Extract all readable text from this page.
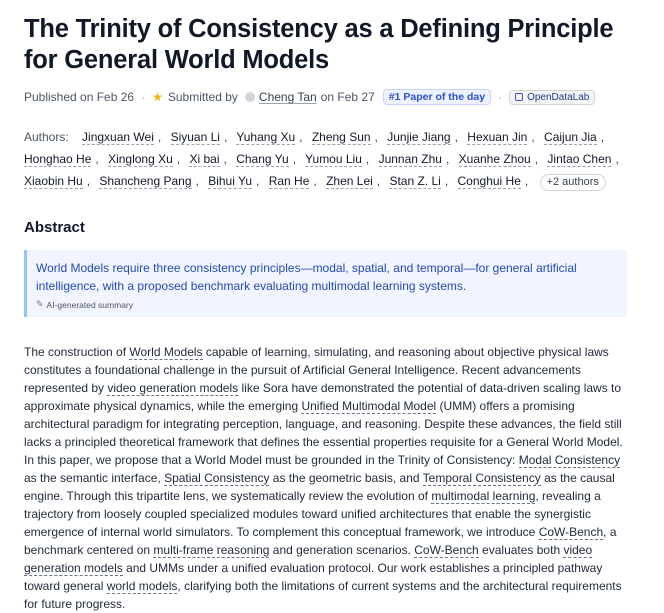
The Trinity of Consistency as a Defining Principle for General World Models
Published on Feb 26 · ★ Submitted by Cheng Tan on Feb 27	#1 Paper of the day	·	OpenDataLab
Authors: Jingxuan Wei , Siyuan Li , Yuhang Xu , Zheng Sun , Junjie Jiang , Hexuan Jin , Caijun Jia , Honghao He , Xinglong Xu , Xi bai , Chang Yu , Yumou Liu , Junnan Zhu , Xuanhe Zhou , Jintao Chen , Xiaobin Hu , Shancheng Pang , Bihui Yu , Ran He , Zhen Lei , Stan Z. Li , Conghui He , +2 authors
Abstract

World Models require three consistency principles—modal, spatial, and temporal—for general artificial intelligence, with a proposed benchmark evaluating multimodal learning systems.

✎ AI-generated summary

The construction of World Models capable of learning, simulating, and reasoning about objective physical laws constitutes a foundational challenge in the pursuit of Artificial General Intelligence. Recent advancements represented by video generation models like Sora have demonstrated the potential of data-driven scaling laws to approximate physical dynamics, while the emerging Unified Multimodal Model (UMM) offers a promising architectural paradigm for integrating perception, language, and reasoning. Despite these advances, the field still lacks a principled theoretical framework that defines the essential properties requisite for a General World Model. In this paper, we propose that a World Model must be grounded in the Trinity of Consistency: Modal Consistency as the semantic interface, Spatial Consistency as the geometric basis, and Temporal Consistency as the causal engine. Through this tripartite lens, we systematically review the evolution of multimodal learning, revealing a trajectory from loosely coupled specialized modules toward unified architectures that enable the synergistic emergence of internal world simulators. To complement this conceptual framework, we introduce CoW-Bench, a benchmark centered on multi-frame reasoning and generation scenarios. CoW-Bench evaluates both video generation models and UMMs under a unified evaluation protocol. Our work establishes a principled pathway toward general world models, clarifying both the limitations of current systems and the architectural requirements for future progress.
